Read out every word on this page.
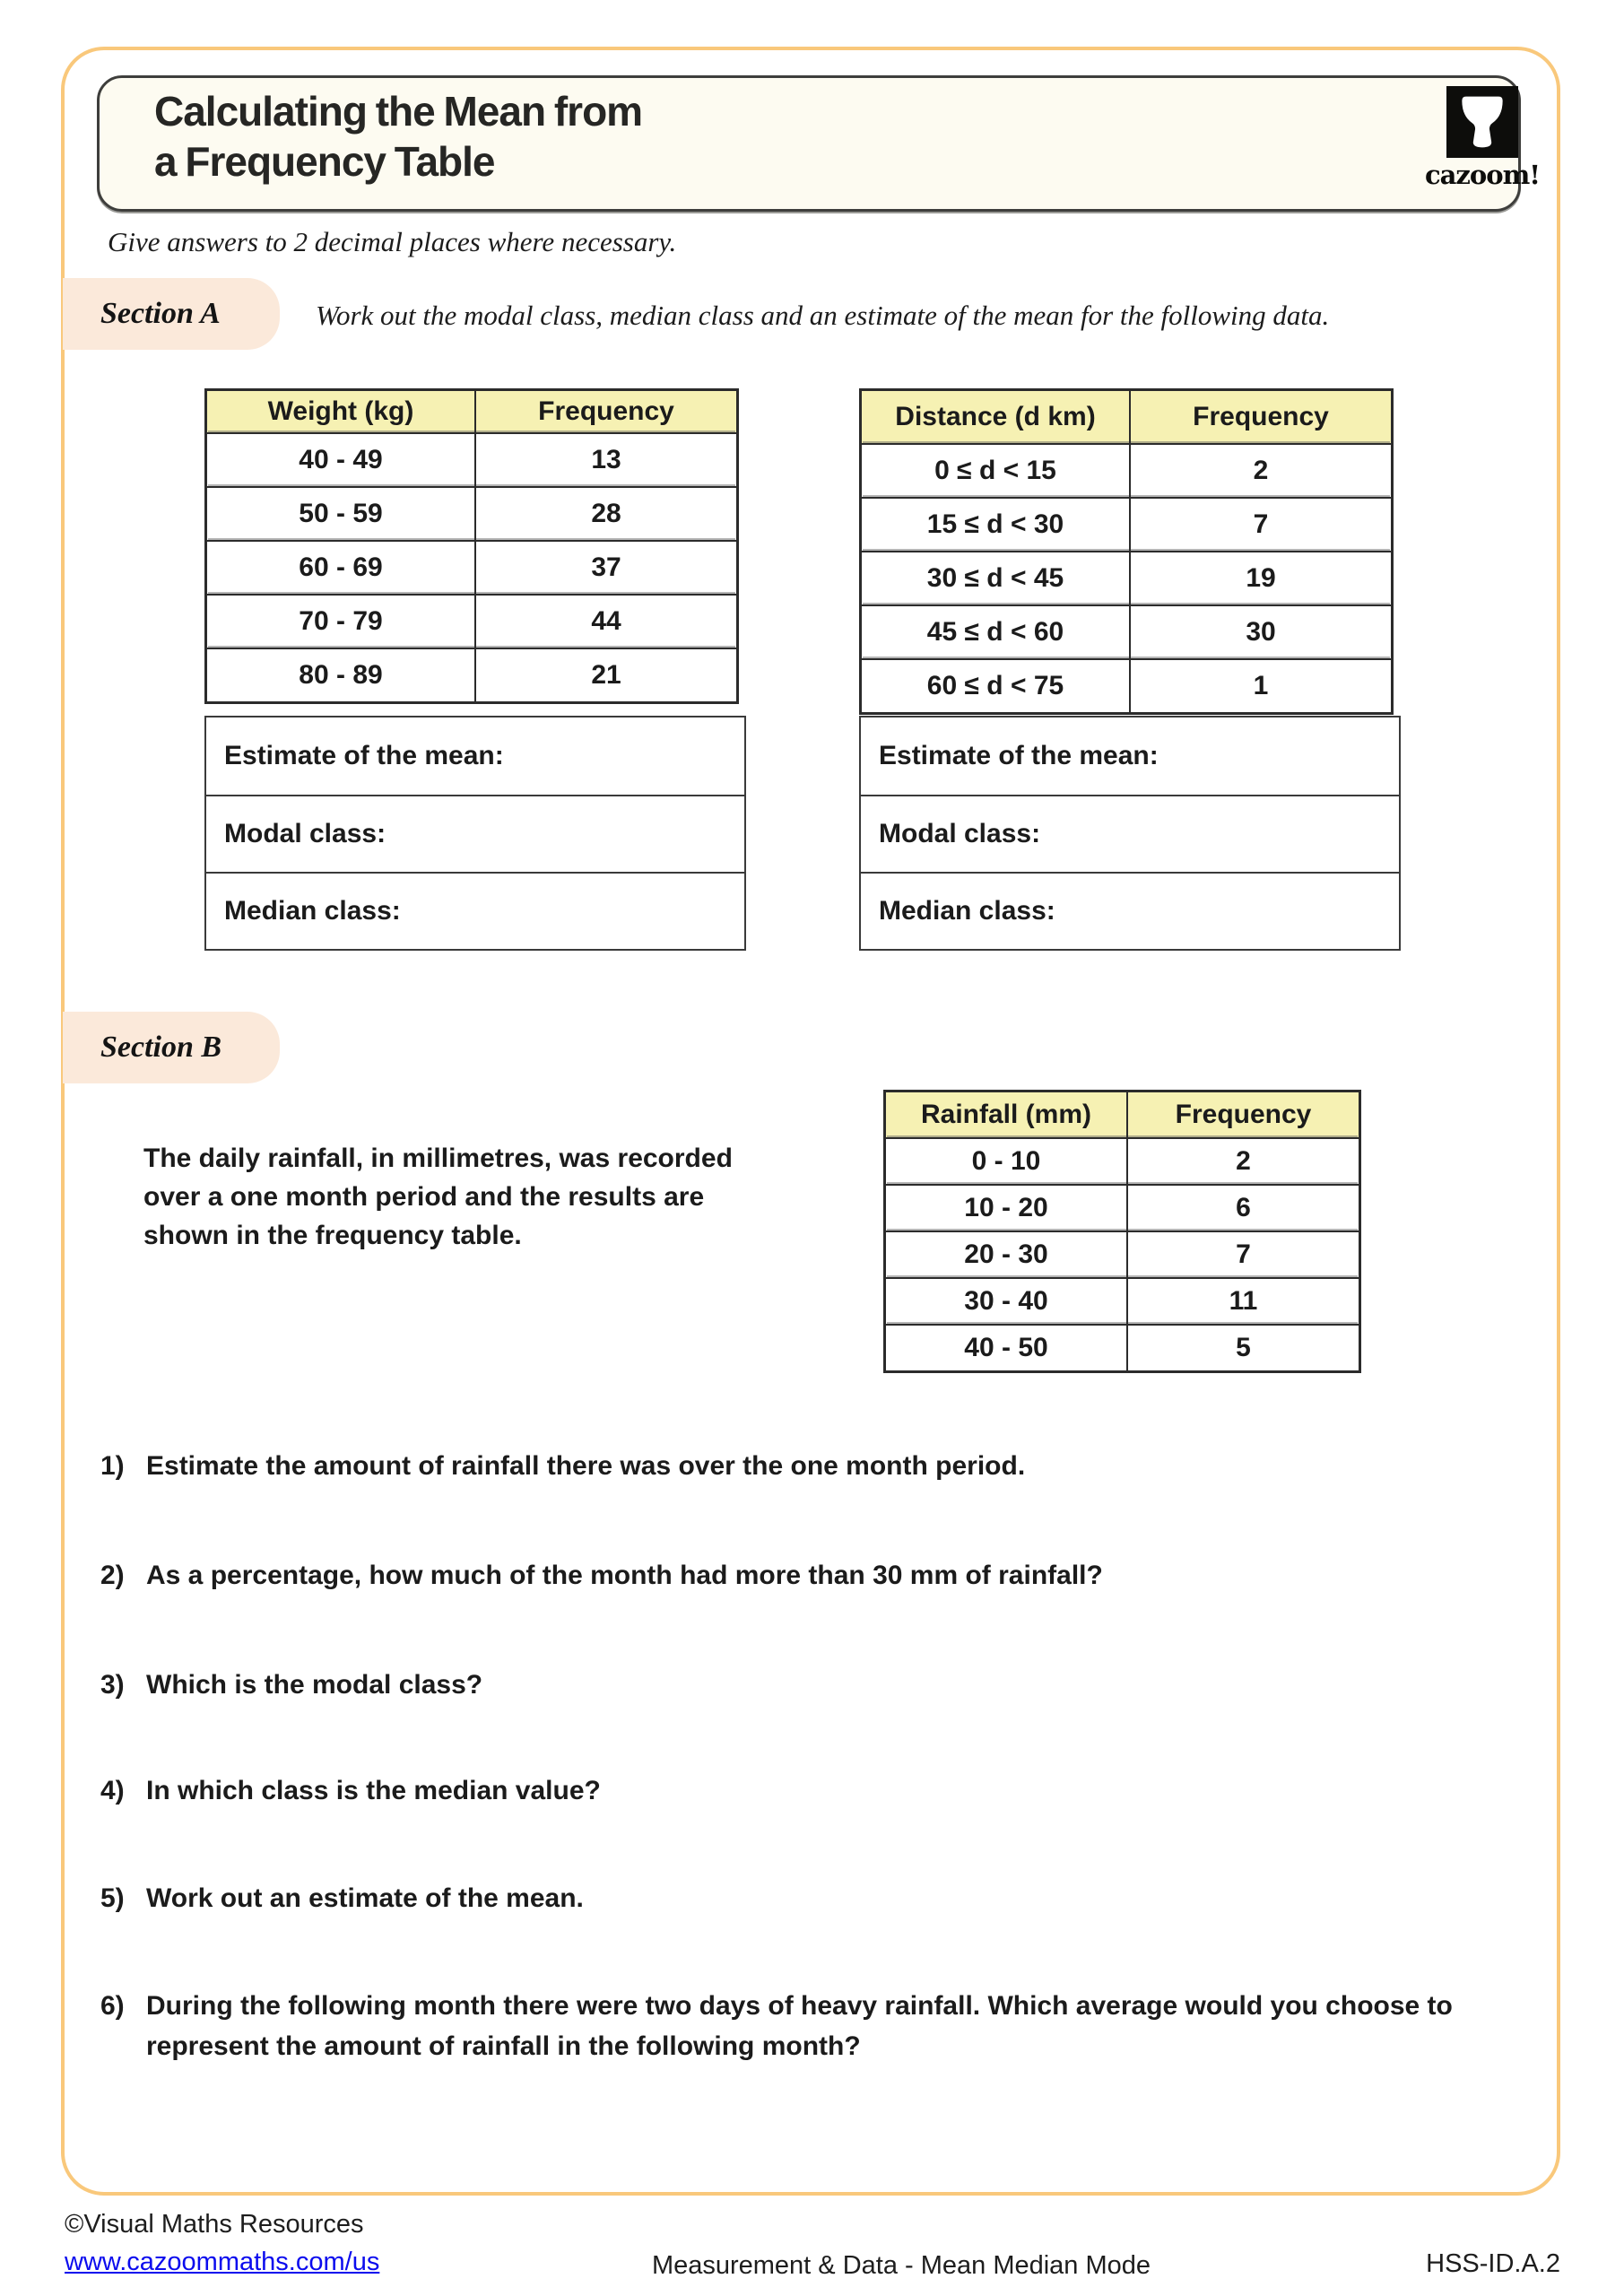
Calculating the Mean from
a Frequency Table	cazoom!
Give answers to 2 decimal places where necessary.
Section A	Work out the modal class, median class and an estimate of the mean for the following data.
Weight (kg)	Frequency
40 - 49	13
50 - 59	28
60 - 69	37
70 - 79	44
80 - 89	21
Distance (d km)	Frequency
0 ≤ d < 15	2
15 ≤ d < 30	7
30 ≤ d < 45	19
45 ≤ d < 60	30
60 ≤ d < 75	1
Estimate of the mean:
Modal class:
Median class:
Estimate of the mean:
Modal class:
Median class:
Section B
The daily rainfall, in millimetres, was recorded
over a one month period and the results are
shown in the frequency table.
Rainfall (mm)	Frequency
0 - 10	2
10 - 20	6
20 - 30	7
30 - 40	11
40 - 50	5
1) Estimate the amount of rainfall there was over the one month period.
2) As a percentage, how much of the month had more than 30 mm of rainfall?
3) Which is the modal class?
4) In which class is the median value?
5) Work out an estimate of the mean.
6) During the following month there were two days of heavy rainfall. Which average would you choose to represent the amount of rainfall in the following month?
©Visual Maths Resources
www.cazoommaths.com/us	Measurement & Data - Mean Median Mode	HSS-ID.A.2
